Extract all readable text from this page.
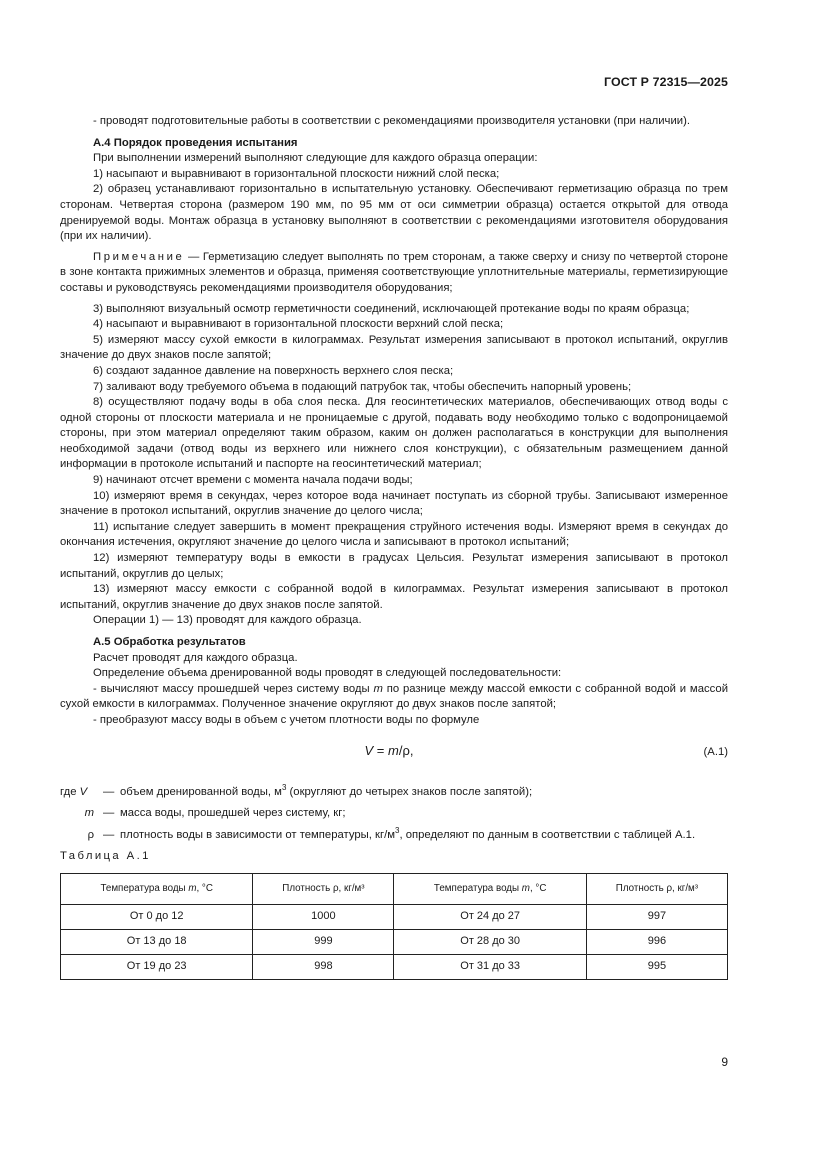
ГОСТ Р 72315—2025

- проводят подготовительные работы в соответствии с рекомендациями производителя установки (при наличии).

А.4 Порядок проведения испытания

При выполнении измерений выполняют следующие для каждого образца операции:

1) насыпают и выравнивают в горизонтальной плоскости нижний слой песка;

2) образец устанавливают горизонтально в испытательную установку. Обеспечивают герметизацию образца по трем сторонам. Четвертая сторона (размером 190 мм, по 95 мм от оси симметрии образца) остается открытой для отвода дренируемой воды. Монтаж образца в установку выполняют в соответствии с рекомендациями изготовителя оборудования (при их наличии).

Примечание — Герметизацию следует выполнять по трем сторонам, а также сверху и снизу по четвертой стороне в зоне контакта прижимных элементов и образца, применяя соответствующие уплотнительные материалы, герметизирующие составы и руководствуясь рекомендациями производителя оборудования;

3) выполняют визуальный осмотр герметичности соединений, исключающей протекание воды по краям образца;

4) насыпают и выравнивают в горизонтальной плоскости верхний слой песка;

5) измеряют массу сухой емкости в килограммах. Результат измерения записывают в протокол испытаний, округлив значение до двух знаков после запятой;

6) создают заданное давление на поверхность верхнего слоя песка;

7) заливают воду требуемого объема в подающий патрубок так, чтобы обеспечить напорный уровень;

8) осуществляют подачу воды в оба слоя песка. Для геосинтетических материалов, обеспечивающих отвод воды с одной стороны от плоскости материала и не проницаемые с другой, подавать воду необходимо только с водопроницаемой стороны, при этом материал определяют таким образом, каким он должен располагаться в конструкции для выполнения необходимой задачи (отвод воды из верхнего или нижнего слоя конструкции), с обязательным размещением данной информации в протоколе испытаний и паспорте на геосинтетический материал;

9) начинают отсчет времени с момента начала подачи воды;

10) измеряют время в секундах, через которое вода начинает поступать из сборной трубы. Записывают измеренное значение в протокол испытаний, округлив значение до целого числа;

11) испытание следует завершить в момент прекращения струйного истечения воды. Измеряют время в секундах до окончания истечения, округляют значение до целого числа и записывают в протокол испытаний;

12) измеряют температуру воды в емкости в градусах Цельсия. Результат измерения записывают в протокол испытаний, округлив до целых;

13) измеряют массу емкости с собранной водой в килограммах. Результат измерения записывают в протокол испытаний, округлив значение до двух знаков после запятой.

Операции 1) — 13) проводят для каждого образца.

А.5 Обработка результатов

Расчет проводят для каждого образца.

Определение объема дренированной воды проводят в следующей последовательности:

- вычисляют массу прошедшей через систему воды m по разнице между массой емкости с собранной водой и массой сухой емкости в килограммах. Полученное значение округляют до двух знаков после запятой;

- преобразуют массу воды в объем с учетом плотности воды по формуле

V = m/ρ,	(А.1)
где V	— объем дренированной воды, $м^3$ (округляют до четырех знаков после запятой);
m — масса воды, прошедшей через систему, кг;
ρ — плотность воды в зависимости от температуры, $кг/м^3$, определяют по данным в соответствии с таблицей А.1.

Таблица А.1

Температура воды m, °C	Плотность ρ, кг/м³	Температура воды m, °C	Плотность ρ, кг/м³
От 0 до 12	1000	От 24 до 27	997
От 13 до 18	999	От 28 до 30	996
От 19 до 23	998	От 31 до 33	995
9
